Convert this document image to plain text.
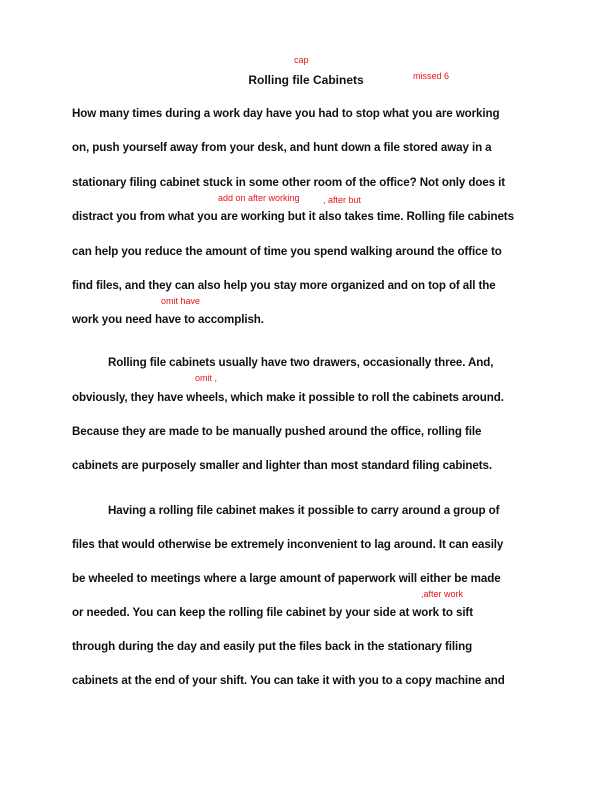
cap
Rolling file Cabinets	missed 6
How many times during a work day have you had to stop what you are working
on, push yourself away from your desk, and hunt down a file stored away in a
stationary filing cabinet stuck in some other room of the office? Not only does it
add on after working	, after but
distract you from what you are working but it also takes time. Rolling file cabinets
can help you reduce the amount of time you spend walking around the office to
find files, and they can also help you stay more organized and on top of all the
omit have
work you need have to accomplish.
Rolling file cabinets usually have two drawers, occasionally three. And,
omit ,
obviously, they have wheels, which make it possible to roll the cabinets around.
Because they are made to be manually pushed around the office, rolling file
cabinets are purposely smaller and lighter than most standard filing cabinets.
Having a rolling file cabinet makes it possible to carry around a group of
files that would otherwise be extremely inconvenient to lag around. It can easily
be wheeled to meetings where a large amount of paperwork will either be made
,after work
or needed. You can keep the rolling file cabinet by your side at work to sift
through during the day and easily put the files back in the stationary filing
cabinets at the end of your shift. You can take it with you to a copy machine and
